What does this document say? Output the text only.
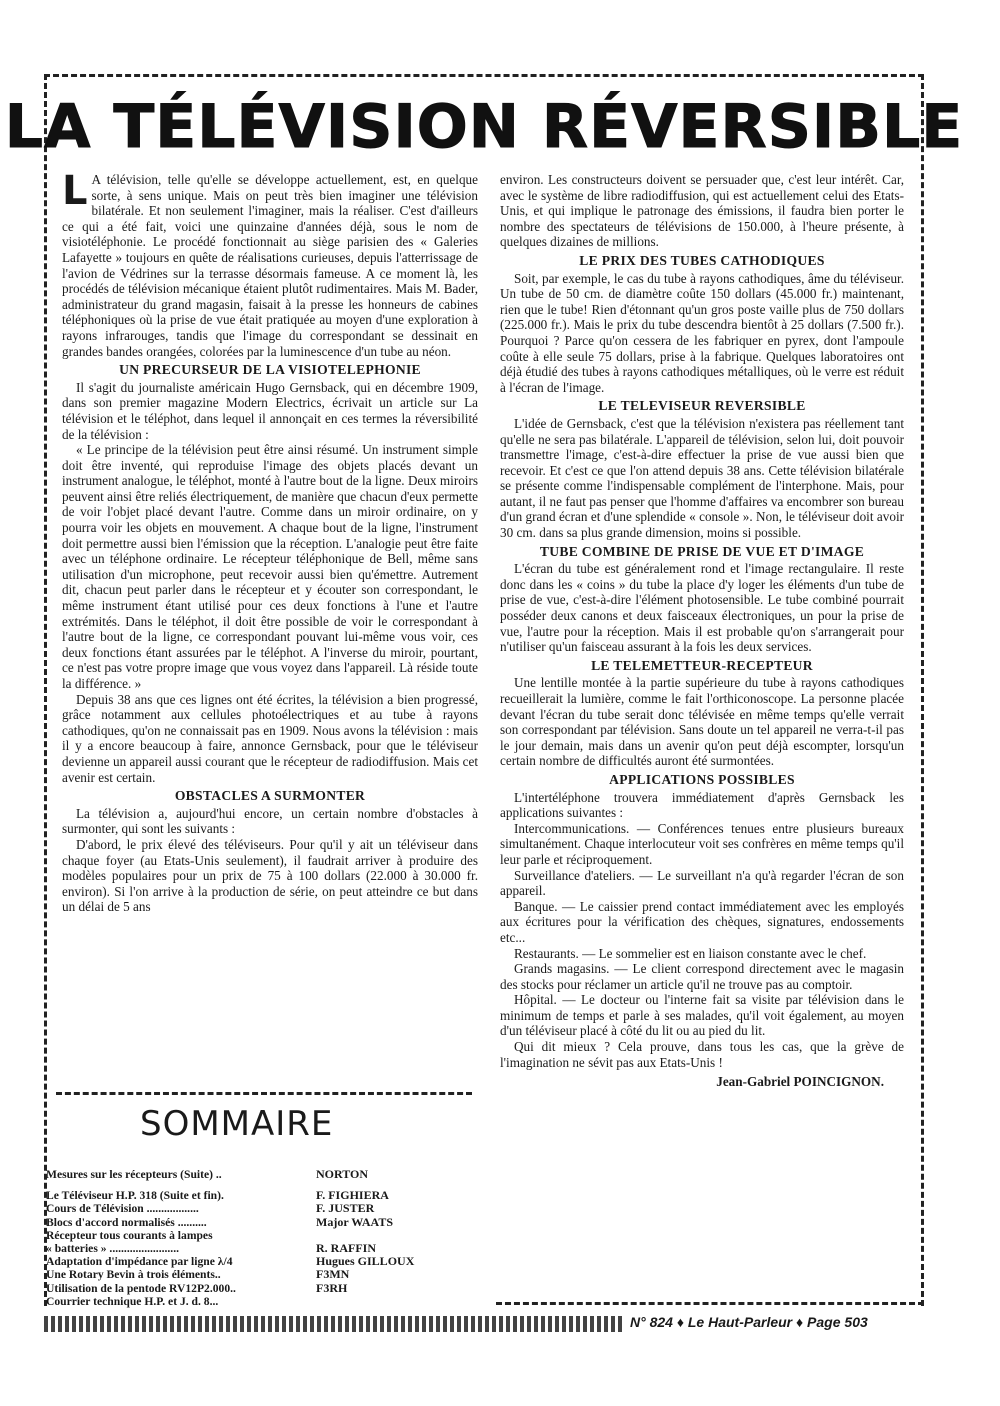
LA TÉLÉVISION RÉVERSIBLE

L A télévision, telle qu'elle se développe actuellement, est, en quelque sorte, à sens unique. Mais on peut très bien imaginer une télévision bilatérale. Et non seulement l'imaginer, mais la réaliser. C'est d'ailleurs ce qui a été fait, voici une quinzaine d'années déjà, sous le nom de visiotéléphonie. Le procédé fonctionnait au siège parisien des « Galeries Lafayette » toujours en quête de réalisations curieuses, depuis l'atterrissage de l'avion de Védrines sur la terrasse désormais fameuse. A ce moment là, les procédés de télévision mécanique étaient plutôt rudimentaires. Mais M. Bader, administrateur du grand magasin, faisait à la presse les honneurs de cabines téléphoniques où la prise de vue était pratiquée au moyen d'une exploration à rayons infrarouges, tandis que l'image du correspondant se dessinait en grandes bandes orangées, colorées par la luminescence d'un tube au néon.

UN PRECURSEUR DE LA VISIOTELEPHONIE

Il s'agit du journaliste américain Hugo Gernsback, qui en décembre 1909, dans son premier magazine Modern Electrics, écrivait un article sur La télévision et le téléphot, dans lequel il annonçait en ces termes la réversibilité de la télévision :

« Le principe de la télévision peut être ainsi résumé. Un instrument simple doit être inventé, qui reproduise l'image des objets placés devant un instrument analogue, le téléphot, monté à l'autre bout de la ligne. Deux miroirs peuvent ainsi être reliés électriquement, de manière que chacun d'eux permette de voir l'objet placé devant l'autre. Comme dans un miroir ordinaire, on y pourra voir les objets en mouvement. A chaque bout de la ligne, l'instrument doit permettre aussi bien l'émission que la réception. L'analogie peut être faite avec un téléphone ordinaire. Le récepteur téléphonique de Bell, même sans utilisation d'un microphone, peut recevoir aussi bien qu'émettre. Autrement dit, chacun peut parler dans le récepteur et y écouter son correspondant, le même instrument étant utilisé pour ces deux fonctions à l'une et l'autre extrémités. Dans le téléphot, il doit être possible de voir le correspondant à l'autre bout de la ligne, ce correspondant pouvant lui-même vous voir, ces deux fonctions étant assurées par le téléphot. A l'inverse du miroir, pourtant, ce n'est pas votre propre image que vous voyez dans l'appareil. Là réside toute la différence. »

Depuis 38 ans que ces lignes ont été écrites, la télévision a bien progressé, grâce notamment aux cellules photoélectriques et au tube à rayons cathodiques, qu'on ne connaissait pas en 1909. Nous avons la télévision : mais il y a encore beaucoup à faire, annonce Gernsback, pour que le téléviseur devienne un appareil aussi courant que le récepteur de radiodiffusion. Mais cet avenir est certain.

OBSTACLES A SURMONTER

La télévision a, aujourd'hui encore, un certain nombre d'obstacles à surmonter, qui sont les suivants :

D'abord, le prix élevé des téléviseurs. Pour qu'il y ait un téléviseur dans chaque foyer (au Etats-Unis seulement), il faudrait arriver à produire des modèles populaires pour un prix de 75 à 100 dollars (22.000 à 30.000 fr. environ). Si l'on arrive à la production de série, on peut atteindre ce but dans un délai de 5 ans

SOMMAIRE
Mesures sur les récepteurs (Suite) ..	NORTON
Le Téléviseur H.P. 318 (Suite et fin).	F. FIGHIERA
Cours de Télévision ..................	F. JUSTER
Blocs d'accord normalisés ..........	Major WAATS
Récepteur tous courants à lampes
« batteries » ........................	R. RAFFIN
Adaptation d'impédance par ligne λ/4	Hugues GILLOUX
Une Rotary Bevin à trois éléments..	F3MN
Utilisation de la pentode RV12P2.000..	F3RH
Courrier technique H.P. et J. d. 8...

environ. Les constructeurs doivent se persuader que, c'est leur intérêt. Car, avec le système de libre radiodiffusion, qui est actuellement celui des Etats-Unis, et qui implique le patronage des émissions, il faudra bien porter le nombre des spectateurs de télévisions de 150.000, à l'heure présente, à quelques dizaines de millions.

LE PRIX DES TUBES CATHODIQUES

Soit, par exemple, le cas du tube à rayons cathodiques, âme du téléviseur. Un tube de 50 cm. de diamètre coûte 150 dollars (45.000 fr.) maintenant, rien que le tube! Rien d'étonnant qu'un gros poste vaille plus de 750 dollars (225.000 fr.). Mais le prix du tube descendra bientôt à 25 dollars (7.500 fr.). Pourquoi ? Parce qu'on cessera de les fabriquer en pyrex, dont l'ampoule coûte à elle seule 75 dollars, prise à la fabrique. Quelques laboratoires ont déjà étudié des tubes à rayons cathodiques métalliques, où le verre est réduit à l'écran de l'image.

LE TELEVISEUR REVERSIBLE

L'idée de Gernsback, c'est que la télévision n'existera pas réellement tant qu'elle ne sera pas bilatérale. L'appareil de télévision, selon lui, doit pouvoir transmettre l'image, c'est-à-dire effectuer la prise de vue aussi bien que recevoir. Et c'est ce que l'on attend depuis 38 ans. Cette télévision bilatérale se présente comme l'indispensable complément de l'interphone. Mais, pour autant, il ne faut pas penser que l'homme d'affaires va encombrer son bureau d'un grand écran et d'une splendide « console ». Non, le téléviseur doit avoir 30 cm. dans sa plus grande dimension, moins si possible.

TUBE COMBINE DE PRISE DE VUE ET D'IMAGE

L'écran du tube est généralement rond et l'image rectangulaire. Il reste donc dans les « coins » du tube la place d'y loger les éléments d'un tube de prise de vue, c'est-à-dire l'élément photosensible. Le tube combiné pourrait posséder deux canons et deux faisceaux électroniques, un pour la prise de vue, l'autre pour la réception. Mais il est probable qu'on s'arrangerait pour n'utiliser qu'un faisceau assurant à la fois les deux services.

LE TELEMETTEUR-RECEPTEUR

Une lentille montée à la partie supérieure du tube à rayons cathodiques recueillerait la lumière, comme le fait l'orthiconoscope. La personne placée devant l'écran du tube serait donc télévisée en même temps qu'elle verrait son correspondant par télévision. Sans doute un tel appareil ne verra-t-il pas le jour demain, mais dans un avenir qu'on peut déjà escompter, lorsqu'un certain nombre de difficultés auront été surmontées.

APPLICATIONS POSSIBLES

L'intertéléphone trouvera immédiatement d'après Gernsback les applications suivantes :

Intercommunications. — Conférences tenues entre plusieurs bureaux simultanément. Chaque interlocuteur voit ses confrères en même temps qu'il leur parle et réciproquement.

Surveillance d'ateliers. — Le surveillant n'a qu'à regarder l'écran de son appareil.

Banque. — Le caissier prend contact immédiatement avec les employés aux écritures pour la vérification des chèques, signatures, endossements etc...

Restaurants. — Le sommelier est en liaison constante avec le chef.

Grands magasins. — Le client correspond directement avec le magasin des stocks pour réclamer un article qu'il ne trouve pas au comptoir.

Hôpital. — Le docteur ou l'interne fait sa visite par télévision dans le minimum de temps et parle à ses malades, qu'il voit également, au moyen d'un téléviseur placé à côté du lit ou au pied du lit.

Qui dit mieux ? Cela prouve, dans tous les cas, que la grève de l'imagination ne sévit pas aux Etats-Unis !

Jean-Gabriel POINCIGNON.

N° 824 ♦ Le Haut-Parleur ♦ Page 503
